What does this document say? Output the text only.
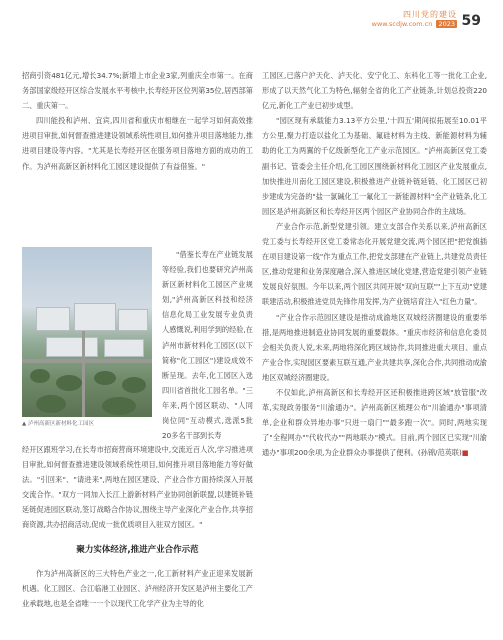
四川党的建设
www.scdjw.com.cn 2023 59

招商引资481亿元,增长34.7%;新增上市企业3家,列重庆全市第一。在商务部国家级经开区综合发展水平考核中,长寿经开区位列第35位,居西部第二、重庆第一。

四川能投和泸州、宜宾,四川省和重庆市相继在一起学习如何高效推进项目审批,如何督查推进建设领域系统性项目,如何推升项目落地能力,推进项目建设等内容。"尤其是长寿经开区在服务项目落地方面的成功的工作。为泸州高新区新材料化工园区建设提供了有益借鉴。"

▲ 泸州高新区新材料化工园区

"借鉴长寿在产业链发展等经验,我们也要研究泸州高新区新材料化工园区产业规划,"泸州高新区科技和经济信息化局工业发展专业负责人感慨说,利用学到的经验,在泸州市新材料化工园区(以下简称"化工园区")建设成效不断呈现。去年,化工园区入选四川省首批化工园名单。"三年来,两个园区联动、"人同岗位同"互动模式,选派5批20多名干部到长寿

经开区跟班学习,在长寿市招商营商环境建设中,交流近百人次,学习推进项目审批,如何督查推进建设领域系统性项目,如何推升项目落地能力等好做法。"引回来"、"请进来",两地在园区建设、产业合作方面持续深入开展交流合作。"双方一同加入长江上游新材料产业协同创新联盟,以建链补链延链促进园区联动,签订战略合作协议,围绕主导产业深化产业合作,共享招商资源,共办招商活动,促成一批优质项目入驻双方园区。"

聚力实体经济,推进产业合作示范

作为泸州高新区的三大特色产业之一,化工新材料产业正迎来发展新机遇。化工园区、合江临港工业园区、泸州经济开发区是泸州主要化工产业承载地,也是全省唯一一个以现代工化学产业为主导的化

工园区,已落户沪天化、泸天化、安宁化工、东科化工等一批化工企业,形成了以天然气化工为特色,辐射全省的化工产业链条,计划总投资220亿元,新化工产业已初步成型。

"园区现有承载能力3.13平方公里,'十四五'期间拟拓展至10.01平方公里,聚力打造以盐化工为基础、氟硅材料为主线、新能源材料为辅助的化工为两翼的千亿级新型化工产业示范园区。"泸州高新区党工委副书记、管委会主任介绍,化工园区围绕新材料化工园区产业发展重点,加快推进川南化工园区建设,积极推进产业链补链延链、化工园区已初步建成为完备的"盐一氯碱化工一氟化工一新能源材料"全产业链条,化工园区是泸州高新区和长寿经开区两个园区产业协同合作的主战场。

产业合作示范,新型党建引领。建立支部合作关系以来,泸州高新区党工委与长寿经开区党工委常态化开展党建交流,两个园区把"把党旗插在项目建设第一线"作为重点工作,把党支部建在产业链上,共建党员责任区,推动党建和业务深度融合,深入推进区域化党建,营造党建引领产业链发展良好氛围。今年以来,两个园区共同开展"双向互联""上下互动"党建联建活动,积极推进党员先锋作用发挥,为产业链培育注入"红色力量"。

"产业合作示范园区建设是推动成渝地区双城经济圈建设的重要举措,是两地推进制造业协同发展的重要载体。"重庆市经济和信息化委员会相关负责人说,未来,两地将深化跨区域协作,共同推进重大项目、重点产业合作,实现园区要素互联互通,产业共建共享,深化合作,共同推动成渝地区双城经济圈建设。

不仅如此,泸州高新区和长寿经开区还积极推进跨区域"放管服"改革,实现政务服务"川渝通办"。泸州高新区梳理公布"川渝通办"事项清单,企业和群众异地办事"只进一扇门""最多跑一次"。同时,两地实现了"全程网办""代收代办""两地联办"模式。目前,两个园区已实现"川渝通办"事项200余项,为企业群众办事提供了便利。(孙锦/范英联)■
